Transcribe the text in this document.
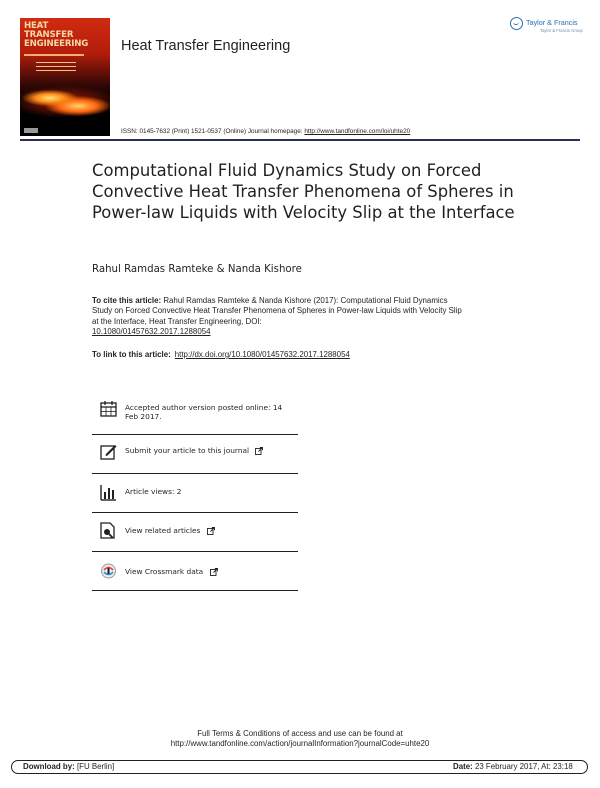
HEAT
TRANSFER
ENGINEERING	Heat Transfer Engineering
Taylor & Francis
Taylor & Francis Group
ISSN: 0145-7632 (Print) 1521-0537 (Online) Journal homepage: http://www.tandfonline.com/loi/uhte20
Computational Fluid Dynamics Study on Forced Convective Heat Transfer Phenomena of Spheres in Power-law Liquids with Velocity Slip at the Interface
Rahul Ramdas Ramteke & Nanda Kishore
To cite this article: Rahul Ramdas Ramteke & Nanda Kishore (2017): Computational Fluid Dynamics Study on Forced Convective Heat Transfer Phenomena of Spheres in Power-law Liquids with Velocity Slip at the Interface, Heat Transfer Engineering, DOI:
10.1080/01457632.2017.1288054
To link to this article: http://dx.doi.org/10.1080/01457632.2017.1288054
Accepted author version posted online: 14 Feb 2017.
Submit your article to this journal
Article views: 2
View related articles
View Crossmark data
Full Terms & Conditions of access and use can be found at
http://www.tandfonline.com/action/journalInformation?journalCode=uhte20
Download by: [FU Berlin]	Date: 23 February 2017, At: 23:18
